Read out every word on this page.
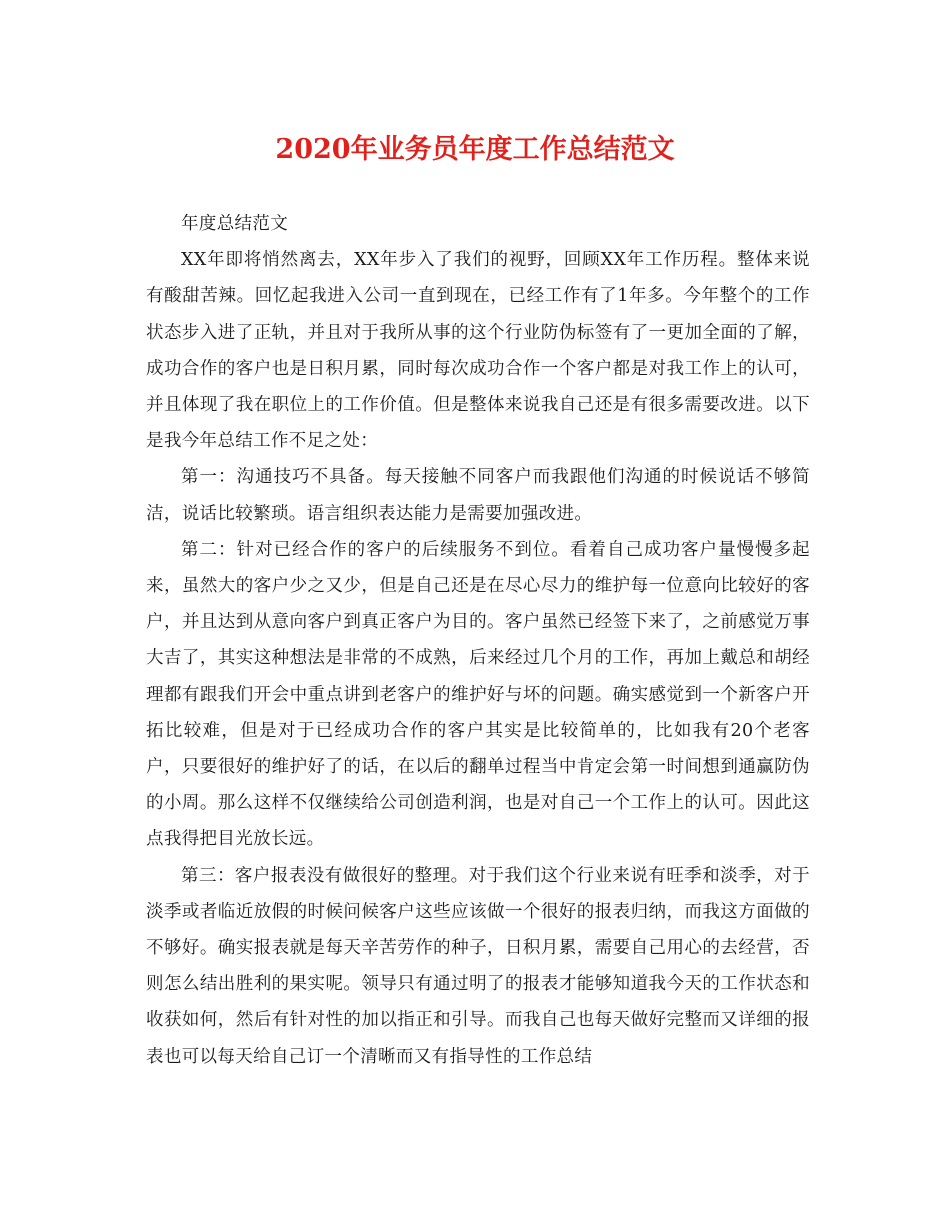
2020年业务员年度工作总结范文

年度总结范文

XX年即将悄然离去，XX年步入了我们的视野，回顾XX年工作历程。整体来说有酸甜苦辣。回忆起我进入公司一直到现在，已经工作有了1年多。今年整个的工作状态步入进了正轨，并且对于我所从事的这个行业防伪标签有了一更加全面的了解，成功合作的客户也是日积月累，同时每次成功合作一个客户都是对我工作上的认可，并且体现了我在职位上的工作价值。但是整体来说我自己还是有很多需要改进。以下是我今年总结工作不足之处：

第一：沟通技巧不具备。每天接触不同客户而我跟他们沟通的时候说话不够简洁，说话比较繁琐。语言组织表达能力是需要加强改进。

第二：针对已经合作的客户的后续服务不到位。看着自己成功客户量慢慢多起来，虽然大的客户少之又少，但是自己还是在尽心尽力的维护每一位意向比较好的客户，并且达到从意向客户到真正客户为目的。客户虽然已经签下来了，之前感觉万事大吉了，其实这种想法是非常的不成熟，后来经过几个月的工作，再加上戴总和胡经理都有跟我们开会中重点讲到老客户的维护好与坏的问题。确实感觉到一个新客户开拓比较难，但是对于已经成功合作的客户其实是比较简单的，比如我有20个老客户，只要很好的维护好了的话，在以后的翻单过程当中肯定会第一时间想到通赢防伪的小周。那么这样不仅继续给公司创造利润，也是对自己一个工作上的认可。因此这点我得把目光放长远。

第三：客户报表没有做很好的整理。对于我们这个行业来说有旺季和淡季，对于淡季或者临近放假的时候问候客户这些应该做一个很好的报表归纳，而我这方面做的不够好。确实报表就是每天辛苦劳作的种子，日积月累，需要自己用心的去经营，否则怎么结出胜利的果实呢。领导只有通过明了的报表才能够知道我今天的工作状态和收获如何，然后有针对性的加以指正和引导。而我自己也每天做好完整而又详细的报表也可以每天给自己订一个清晰而又有指导性的工作总结
